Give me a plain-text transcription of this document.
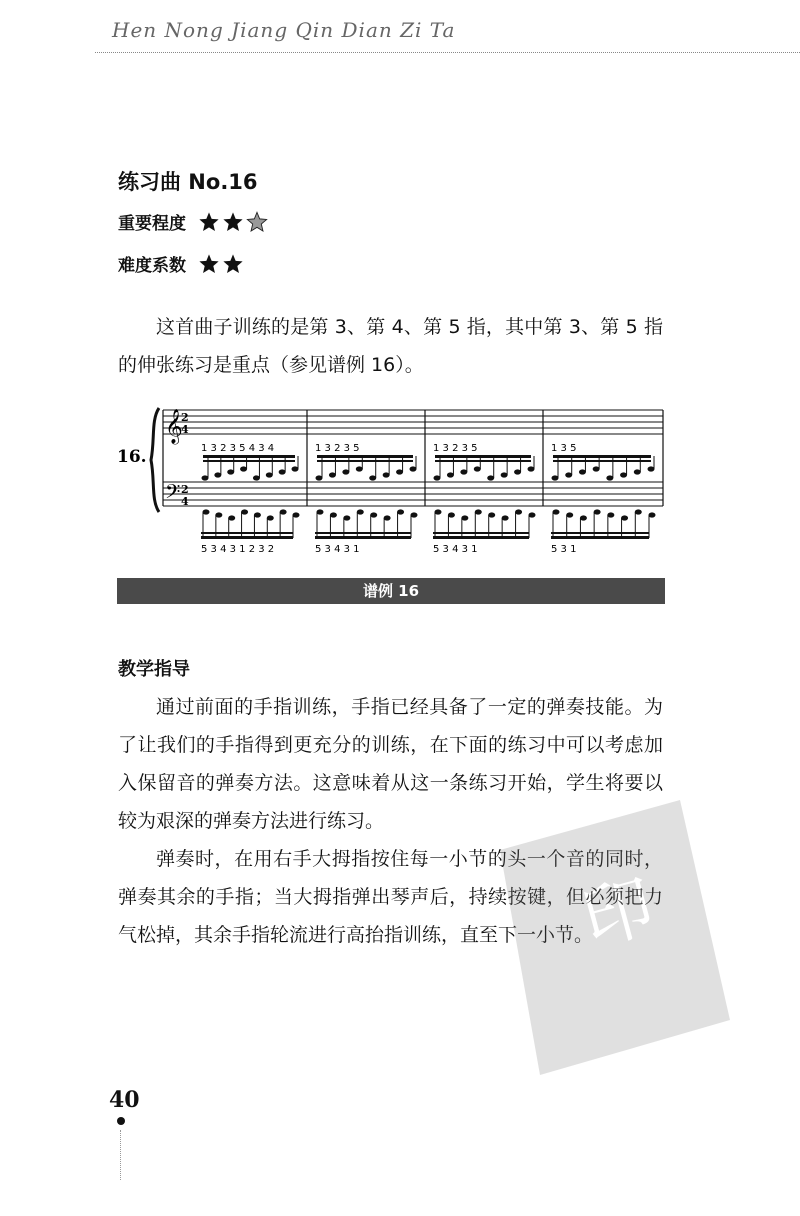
Hen Nong Jiang Qin Dian Zi Ta
练习曲 No.16
重要程度
难度系数

这首曲子训练的是第 3、第 4、第 5 指，其中第 3、第 5 指的伸张练习是重点（参见谱例 16）。

16.
𝄞
𝄢
2
4
2
4
1 3 2 3 5 4 3 4
5 3 4 3 1 2 3 2
1 3 2 3 5
5 3 4 3 1
1 3 2 3 5
5 3 4 3 1
1 3 5
5 3 1
谱例 16
教学指导

通过前面的手指训练，手指已经具备了一定的弹奏技能。为了让我们的手指得到更充分的训练，在下面的练习中可以考虑加入保留音的弹奏方法。这意味着从这一条练习开始，学生将要以较为艰深的弹奏方法进行练习。

弹奏时，在用右手大拇指按住每一小节的头一个音的同时，弹奏其余的手指；当大拇指弹出琴声后，持续按键，但必须把力气松掉，其余手指轮流进行高抬指训练，直至下一小节。

印
40
